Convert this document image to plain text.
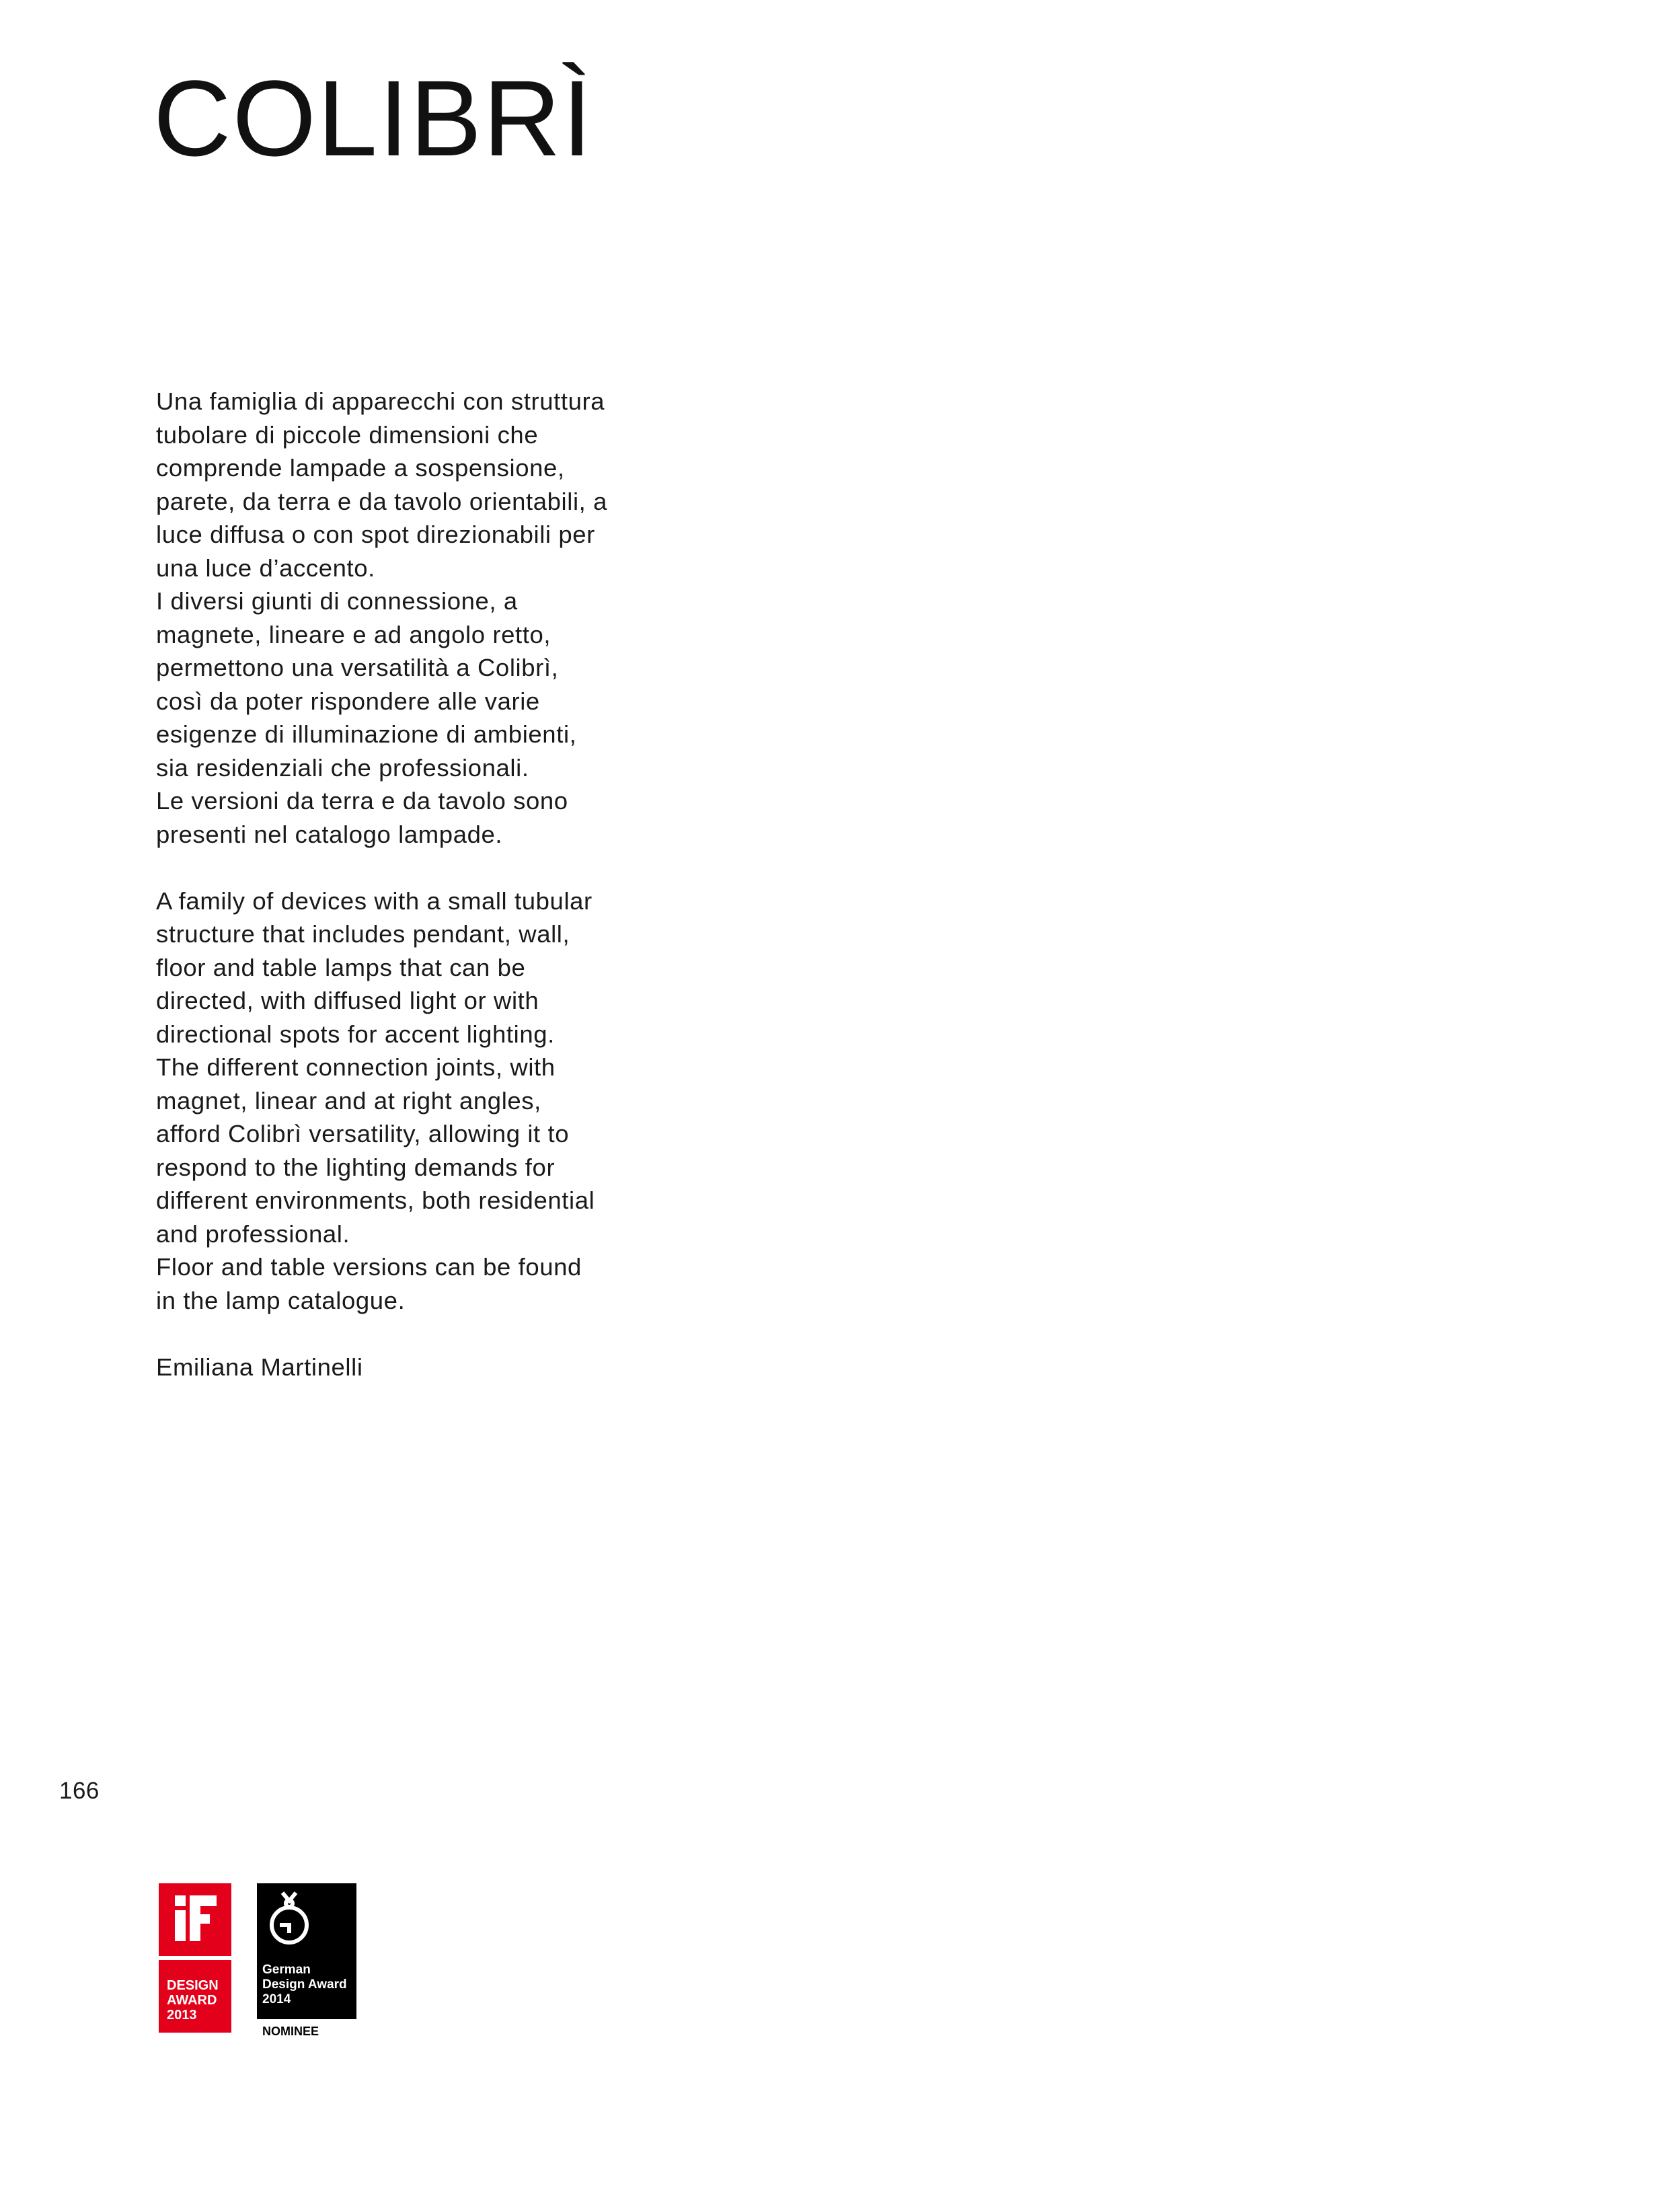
COLIBRÌ
Una famiglia di apparecchi con struttura
tubolare di piccole dimensioni che
comprende lampade a sospensione,
parete, da terra e da tavolo orientabili, a
luce diffusa o con spot direzionabili per
una luce d’accento.
I diversi giunti di connessione, a
magnete, lineare e ad angolo retto,
permettono una versatilità a Colibrì,
così da poter rispondere alle varie
esigenze di illuminazione di ambienti,
sia residenziali che professionali.
Le versioni da terra e da tavolo sono
presenti nel catalogo lampade.
A family of devices with a small tubular
structure that includes pendant, wall,
floor and table lamps that can be
directed, with diffused light or with
directional spots for accent lighting.
The different connection joints, with
magnet, linear and at right angles,
afford Colibrì versatility, allowing it to
respond to the lighting demands for
different environments, both residential
and professional.
Floor and table versions can be found
in the lamp catalogue.
Emiliana Martinelli
166
DESIGN
AWARD
2013
German
Design Award
2014
NOMINEE
